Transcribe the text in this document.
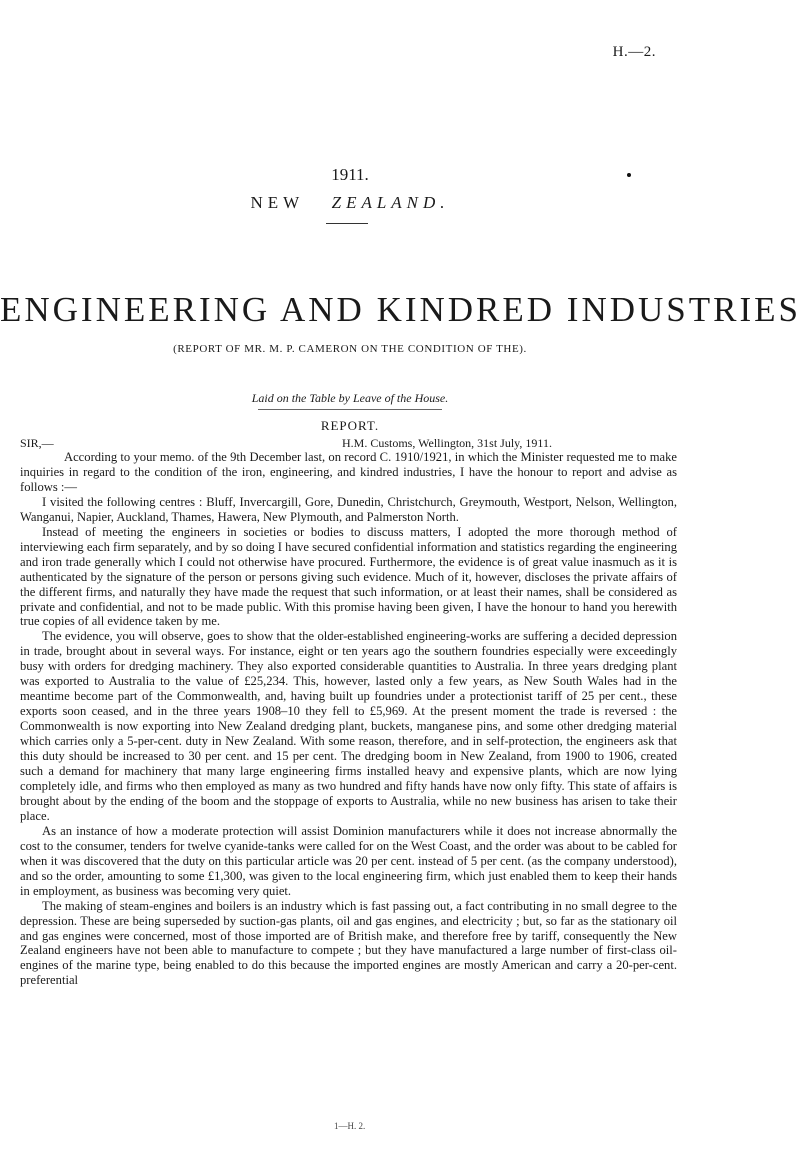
H.—2.
1911.
NEW ZEALAND.
ENGINEERING AND KINDRED INDUSTRIES
(REPORT OF MR. M. P. CAMERON ON THE CONDITION OF THE).
Laid on the Table by Leave of the House.
REPORT.
SIR,—	H.M. Customs, Wellington, 31st July, 1911.

According to your memo. of the 9th December last, on record C. 1910/1921, in which the Minister requested me to make inquiries in regard to the condition of the iron, engineering, and kindred industries, I have the honour to report and advise as follows :—

I visited the following centres : Bluff, Invercargill, Gore, Dunedin, Christchurch, Greymouth, Westport, Nelson, Wellington, Wanganui, Napier, Auckland, Thames, Hawera, New Plymouth, and Palmerston North.

Instead of meeting the engineers in societies or bodies to discuss matters, I adopted the more thorough method of interviewing each firm separately, and by so doing I have secured confidential information and statistics regarding the engineering and iron trade generally which I could not otherwise have procured. Furthermore, the evidence is of great value inasmuch as it is authenticated by the signature of the person or persons giving such evidence. Much of it, however, discloses the private affairs of the different firms, and naturally they have made the request that such information, or at least their names, shall be considered as private and confidential, and not to be made public. With this promise having been given, I have the honour to hand you herewith true copies of all evidence taken by me.

The evidence, you will observe, goes to show that the older-established engineering-works are suffering a decided depression in trade, brought about in several ways. For instance, eight or ten years ago the southern foundries especially were exceedingly busy with orders for dredging machinery. They also exported considerable quantities to Australia. In three years dredging plant was exported to Australia to the value of £25,234. This, however, lasted only a few years, as New South Wales had in the meantime become part of the Commonwealth, and, having built up foundries under a protectionist tariff of 25 per cent., these exports soon ceased, and in the three years 1908–10 they fell to £5,969. At the present moment the trade is reversed : the Commonwealth is now exporting into New Zealand dredging plant, buckets, manganese pins, and some other dredging material which carries only a 5-per-cent. duty in New Zealand. With some reason, therefore, and in self-protection, the engineers ask that this duty should be increased to 30 per cent. and 15 per cent. The dredging boom in New Zealand, from 1900 to 1906, created such a demand for machinery that many large engineering firms installed heavy and expensive plants, which are now lying completely idle, and firms who then employed as many as two hundred and fifty hands have now only fifty. This state of affairs is brought about by the ending of the boom and the stoppage of exports to Australia, while no new business has arisen to take their place.

As an instance of how a moderate protection will assist Dominion manufacturers while it does not increase abnormally the cost to the consumer, tenders for twelve cyanide-tanks were called for on the West Coast, and the order was about to be cabled for when it was discovered that the duty on this particular article was 20 per cent. instead of 5 per cent. (as the company understood), and so the order, amounting to some £1,300, was given to the local engineering firm, which just enabled them to keep their hands in employment, as business was becoming very quiet.

The making of steam-engines and boilers is an industry which is fast passing out, a fact contributing in no small degree to the depression. These are being superseded by suction-gas plants, oil and gas engines, and electricity ; but, so far as the stationary oil and gas engines were concerned, most of those imported are of British make, and therefore free by tariff, consequently the New Zealand engineers have not been able to manufacture to compete ; but they have manufactured a large number of first-class oil-engines of the marine type, being enabled to do this because the imported engines are mostly American and carry a 20-per-cent. preferential

1—H. 2.
